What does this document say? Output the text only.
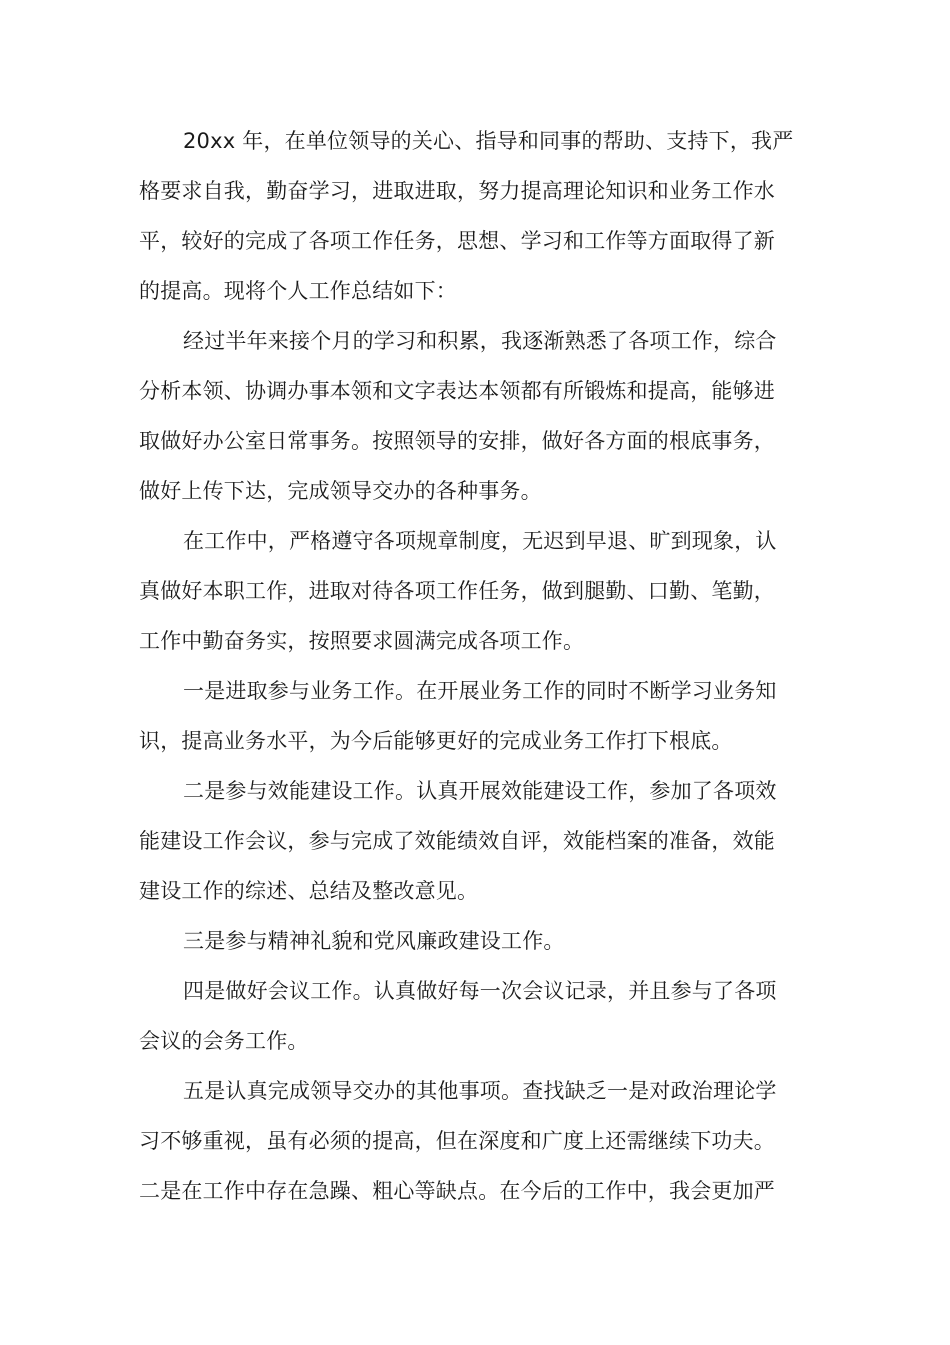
20xx 年，在单位领导的关心、指导和同事的帮助、支持下，我严
格要求自我，勤奋学习，进取进取，努力提高理论知识和业务工作水
平，较好的完成了各项工作任务，思想、学习和工作等方面取得了新
的提高。现将个人工作总结如下：
经过半年来接个月的学习和积累，我逐渐熟悉了各项工作，综合
分析本领、协调办事本领和文字表达本领都有所锻炼和提高，能够进
取做好办公室日常事务。按照领导的安排，做好各方面的根底事务，
做好上传下达，完成领导交办的各种事务。
在工作中，严格遵守各项规章制度，无迟到早退、旷到现象，认
真做好本职工作，进取对待各项工作任务，做到腿勤、口勤、笔勤，
工作中勤奋务实，按照要求圆满完成各项工作。
一是进取参与业务工作。在开展业务工作的同时不断学习业务知
识，提高业务水平，为今后能够更好的完成业务工作打下根底。
二是参与效能建设工作。认真开展效能建设工作，参加了各项效
能建设工作会议，参与完成了效能绩效自评，效能档案的准备，效能
建设工作的综述、总结及整改意见。
三是参与精神礼貌和党风廉政建设工作。
四是做好会议工作。认真做好每一次会议记录，并且参与了各项
会议的会务工作。
五是认真完成领导交办的其他事项。查找缺乏一是对政治理论学
习不够重视，虽有必须的提高，但在深度和广度上还需继续下功夫。
二是在工作中存在急躁、粗心等缺点。在今后的工作中，我会更加严
